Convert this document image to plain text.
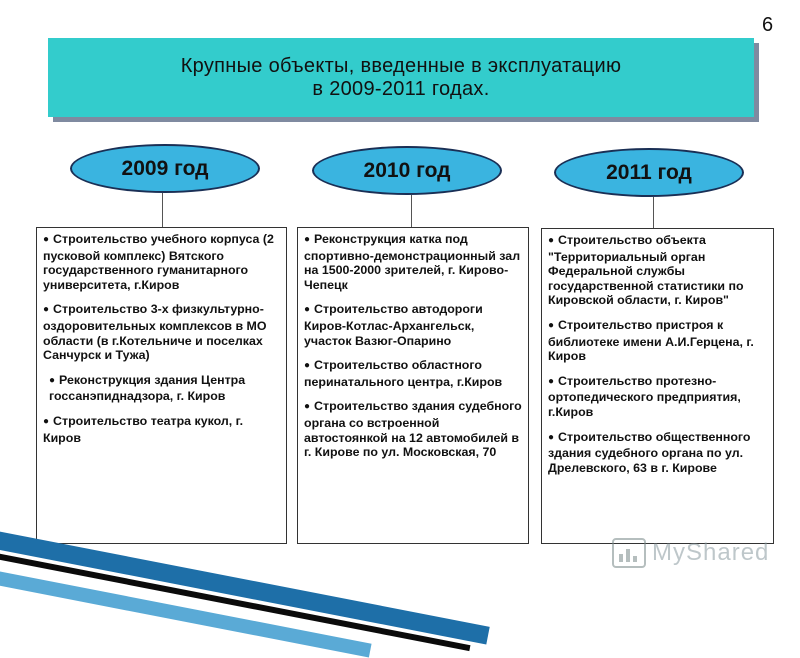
6
Крупные объекты, введенные в эксплуатацию
в 2009-2011 годах.
2009 год	2010 год	2011 год
● Строительство учебного корпуса (2 пусковой комплекс) Вятского государственного гуманитарного университета, г.Киров
● Строительство 3-х физкультурно-оздоровительных комплексов в МО области (в г.Котельниче и поселках Санчурск и Тужа)
● Реконструкция здания Центра госсанэпиднадзора, г. Киров
● Строительство театра кукол, г. Киров
● Реконструкция катка под спортивно-демонстрационный зал на 1500-2000 зрителей, г. Кирово-Чепецк
● Строительство автодороги Киров-Котлас-Архангельск, участок Вазюг-Опарино
● Строительство областного перинатального центра, г.Киров
● Строительство здания судебного органа со встроенной автостоянкой на 12 автомобилей в г. Кирове по ул. Московская, 70
● Строительство объекта "Территориальный орган Федеральной службы государственной статистики по Кировской области, г. Киров"
● Строительство пристроя к библиотеке имени А.И.Герцена, г. Киров
● Строительство протезно-ортопедического предприятия, г.Киров
● Строительство общественного здания судебного органа по ул. Дрелевского, 63 в г. Кирове
MyShared
